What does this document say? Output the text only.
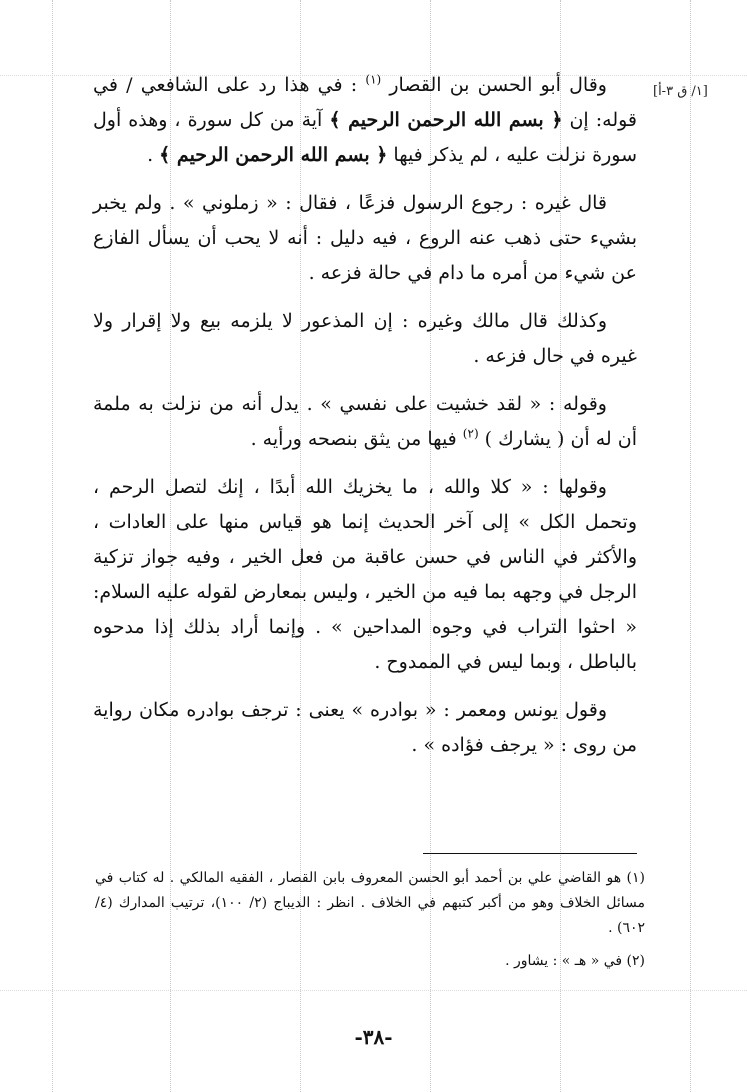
[١/ ق ٣-أ]

وقال أبو الحسن بن القصار $^{(١)}$ : في هذا رد على الشافعي / في قوله: إن ﴿ بسم الله الرحمن الرحيم ﴾ آية من كل سورة ، وهذه أول سورة نزلت عليه ، لم يذكر فيها ﴿ بسم الله الرحمن الرحيم ﴾ .

قال غيره : رجوع الرسول فزعًا ، فقال : « زملوني » . ولم يخبر بشيء حتى ذهب عنه الروع ، فيه دليل : أنه لا يحب أن يسأل الفازع عن شيء من أمره ما دام في حالة فزعه .

وكذلك قال مالك وغيره : إن المذعور لا يلزمه بيع ولا إقرار ولا غيره في حال فزعه .

وقوله : « لقد خشيت على نفسي » . يدل أنه من نزلت به ملمة أن له أن ( يشارك ) $^{(٢)}$ فيها من يثق بنصحه ورأيه .

وقولها : « كلا والله ، ما يخزيك الله أبدًا ، إنك لتصل الرحم ، وتحمل الكل » إلى آخر الحديث إنما هو قياس منها على العادات ، والأكثر في الناس في حسن عاقبة من فعل الخير ، وفيه جواز تزكية الرجل في وجهه بما فيه من الخير ، وليس بمعارض لقوله عليه السلام: « احثوا التراب في وجوه المداحين » . وإنما أراد بذلك إذا مدحوه بالباطل ، وبما ليس في الممدوح .

وقول يونس ومعمر : « بوادره » يعنى : ترجف بوادره مكان رواية من روى : « يرجف فؤاده » .

(١) هو القاضي علي بن أحمد أبو الحسن المعروف بابن القصار ، الفقيه المالكي . له كتاب في مسائل الخلاف وهو من أكبر كتبهم في الخلاف . انظر : الديباج (٢/ ١٠٠)، ترتيب المدارك (٤/ ٦٠٢) .

(٢) في « هـ » : يشاور .

-٣٨-
